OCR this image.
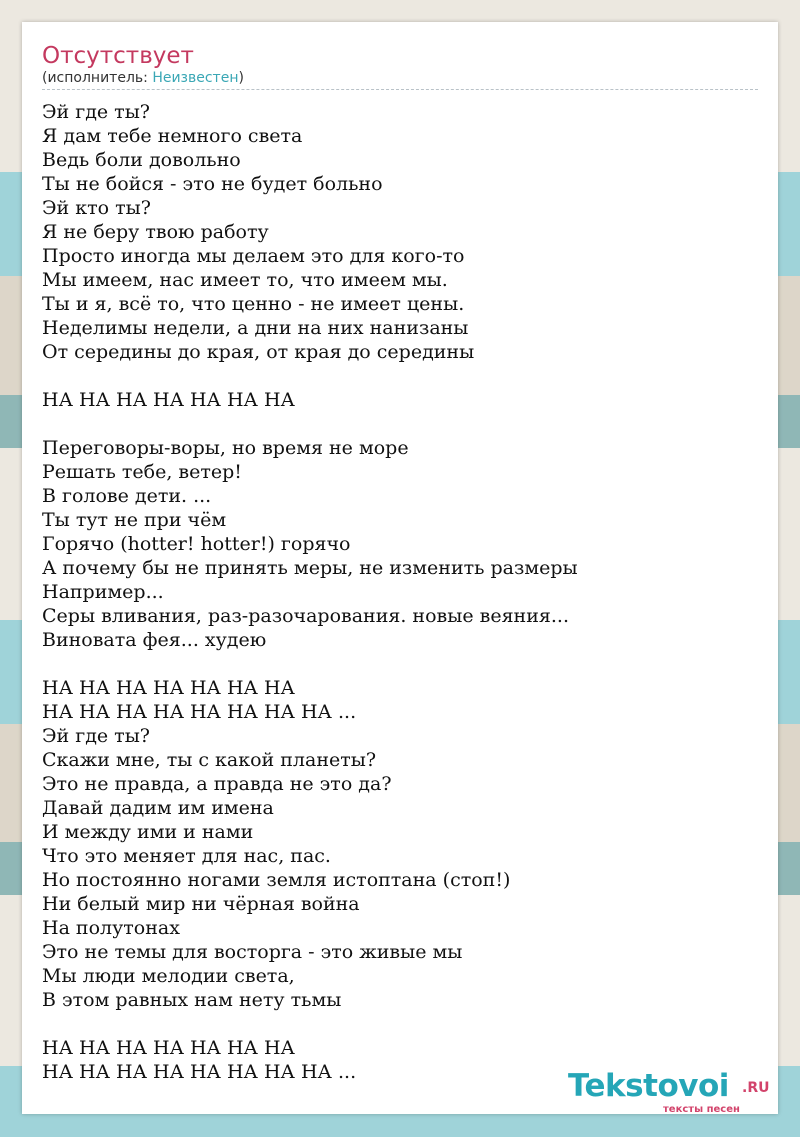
Отсутствует
(исполнитель: Неизвестен)
Эй где ты?
Я дам тебе немного света
Ведь боли довольно
Ты не бойся - это не будет больно
Эй кто ты?
Я не беру твою работу
Просто иногда мы делаем это для кого-то
Мы имеем, нас имеет то, что имеем мы.
Ты и я, всё то, что ценно - не имеет цены.
Неделимы недели, а дни на них нанизаны
От середины до края, от края до середины
НА НА НА НА НА НА НА
Переговоры-воры, но время не море
Решать тебе, ветер!
В голове дети. ...
Ты тут не при чём
Горячо (hotter! hotter!) горячо
А почему бы не принять меры, не изменить размеры
Например...
Серы вливания, раз-разочарования. новые веяния...
Виновата фея... худею
НА НА НА НА НА НА НА
НА НА НА НА НА НА НА НА ...
Эй где ты?
Скажи мне, ты с какой планеты?
Это не правда, а правда не это да?
Давай дадим им имена
И между ими и нами
Что это меняет для нас, пас.
Но постоянно ногами земля истоптана (стоп!)
Ни белый мир ни чёрная война
На полутонах
Это не темы для восторга - это живые мы
Мы люди мелодии света,
В этом равных нам нету тьмы
НА НА НА НА НА НА НА
НА НА НА НА НА НА НА НА ...	Tekstovoi .RU
тексты песен
